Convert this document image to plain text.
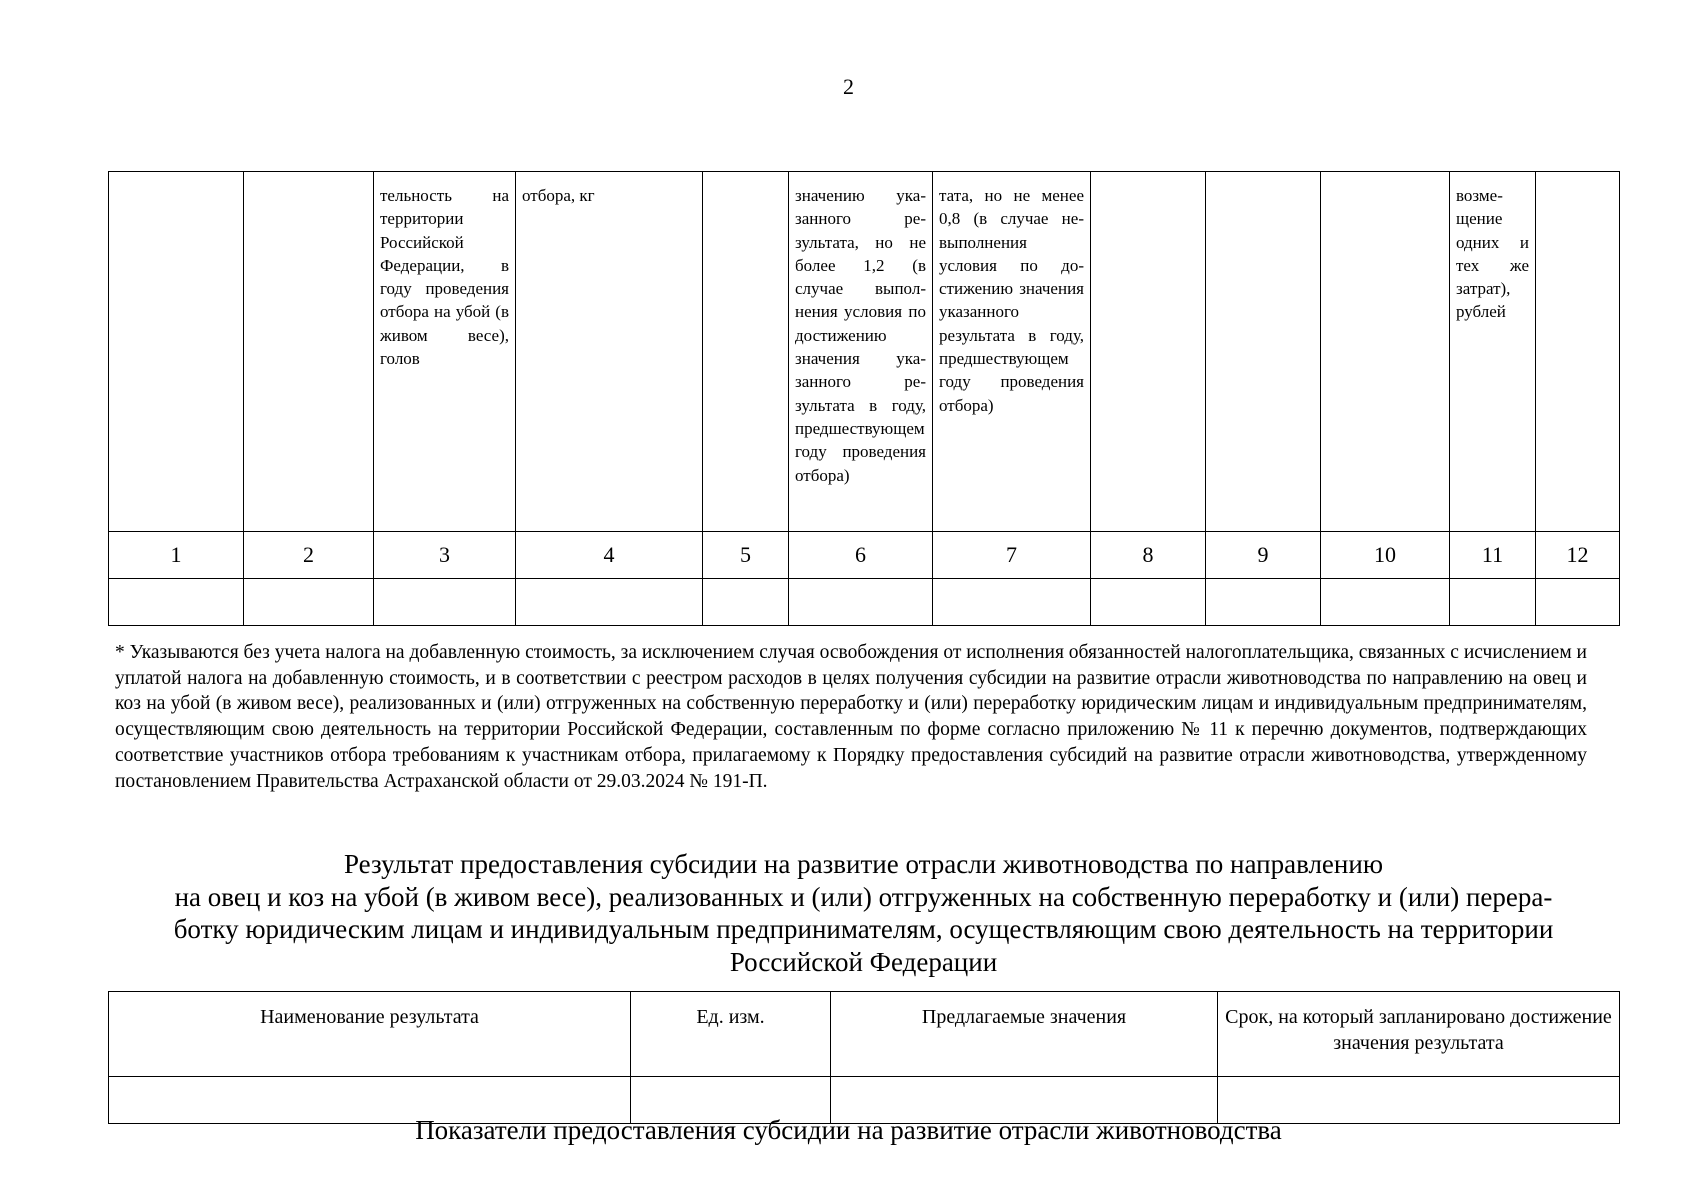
2
		тельность на территории Российской Федерации, в году проведения отбора на убой (в живом весе), голов	отбора, кг		значению указанного результата, но не более 1,2 (в случае выполнения условия по достижению значения указанного результата в году, предшествующем году проведения отбора)	тата, но не менее 0,8 (в случае невыполнения условия по достижению значения указанного результата в году, предшествующем году проведения отбора)				возмещение одних и тех же затрат), рублей	
1	2	3	4	5	6	7	8	9	10	11	12

* Указываются без учета налога на добавленную стоимость, за исключением случая освобождения от исполнения обязанностей налогоплательщика, связанных с исчислением и уплатой налога на добавленную стоимость, и в соответствии с реестром расходов в целях получения субсидии на развитие отрасли животноводства по направлению на овец и коз на убой (в живом весе), реализованных и (или) отгруженных на собственную переработку и (или) переработку юридическим лицам и индивидуальным предпринимателям, осуществляющим свою деятельность на территории Российской Федерации, составленным по форме согласно приложению № 11 к перечню документов, подтверждающих соответствие участников отбора требованиям к участникам отбора, прилагаемому к Порядку предоставления субсидий на развитие отрасли животноводства, утвержденному постановлением Правительства Астраханской области от 29.03.2024 № 191-П.
Результат предоставления субсидии на развитие отрасли животноводства по направлению
на овец и коз на убой (в живом весе), реализованных и (или) отгруженных на собственную переработку и (или) перера-
ботку юридическим лицам и индивидуальным предпринимателям, осуществляющим свою деятельность на территории
Российской Федерации
Наименование результата	Ед. изм.	Предлагаемые значения	Срок, на который запланировано достижение значения результата

Показатели предоставления субсидии на развитие отрасли животноводства
